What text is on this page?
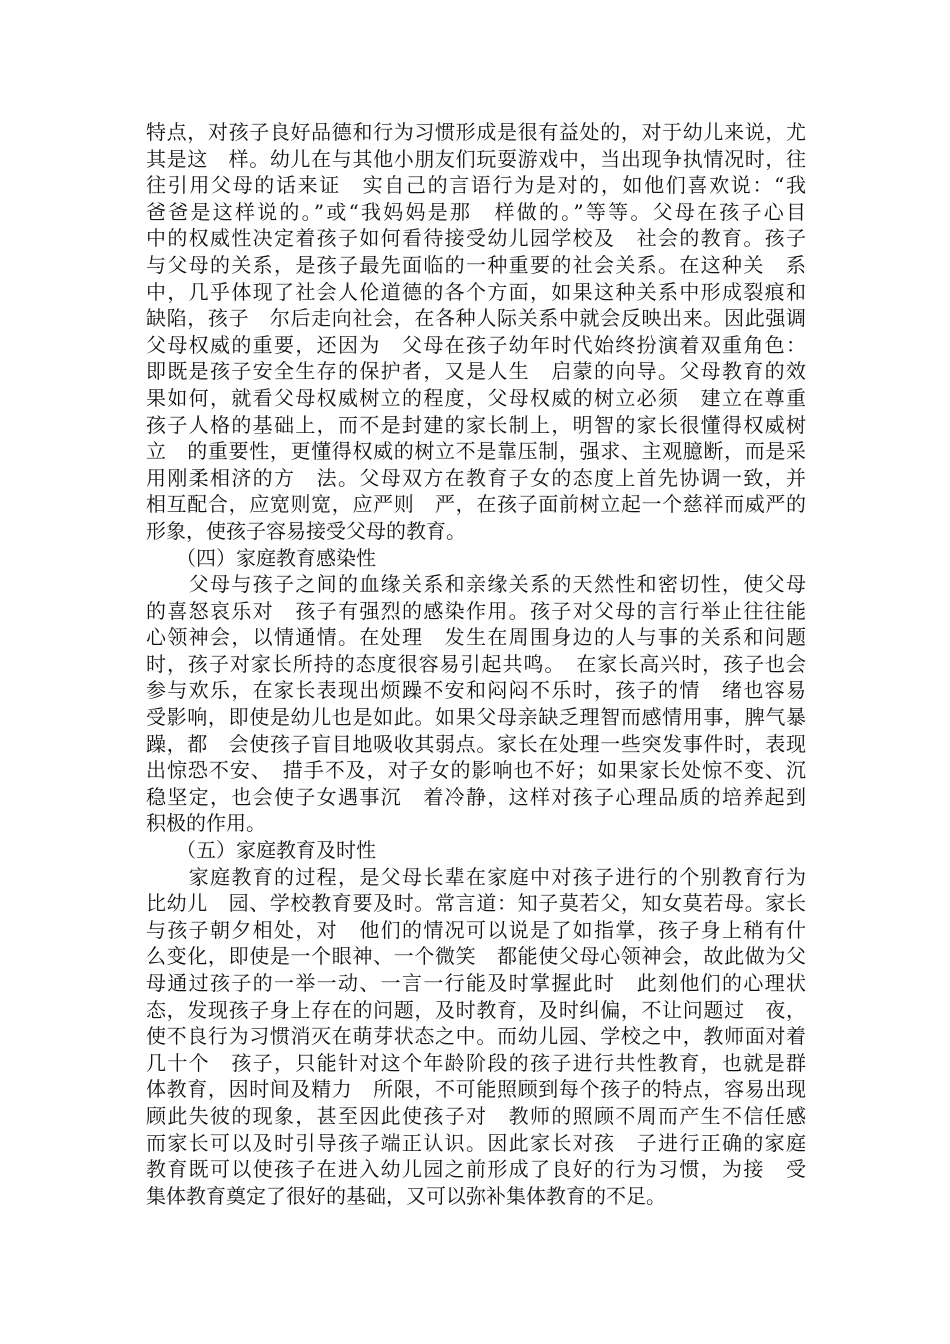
特点，对孩子良好品德和行为习惯形成是很有益处的，对于幼儿来说，尤
其是这　样。幼儿在与其他小朋友们玩耍游戏中，当出现争执情况时，往
往引用父母的话来证　实自己的言语行为是对的，如他们喜欢说：“我
爸爸是这样说的。”或“我妈妈是那　样做的。”等等。父母在孩子心目
中的权威性决定着孩子如何看待接受幼儿园学校及　社会的教育。孩子
与父母的关系，是孩子最先面临的一种重要的社会关系。在这种关　系
中，几乎体现了社会人伦道德的各个方面，如果这种关系中形成裂痕和
缺陷，孩子　尔后走向社会，在各种人际关系中就会反映出来。因此强调
父母权威的重要，还因为　父母在孩子幼年时代始终扮演着双重角色：
即既是孩子安全生存的保护者，又是人生　启蒙的向导。父母教育的效
果如何，就看父母权威树立的程度，父母权威的树立必须　建立在尊重
孩子人格的基础上，而不是封建的家长制上，明智的家长很懂得权威树
立　的重要性，更懂得权威的树立不是靠压制，强求、主观臆断，而是采
用刚柔相济的方　法。父母双方在教育子女的态度上首先协调一致，并
相互配合，应宽则宽，应严则　严，在孩子面前树立起一个慈祥而威严的
形象，使孩子容易接受父母的教育。
　　（四）家庭教育感染性
　　父母与孩子之间的血缘关系和亲缘关系的天然性和密切性，使父母
的喜怒哀乐对　孩子有强烈的感染作用。孩子对父母的言行举止往往能
心领神会，以情通情。在处理　发生在周围身边的人与事的关系和问题
时，孩子对家长所持的态度很容易引起共鸣。　在家长高兴时，孩子也会
参与欢乐，在家长表现出烦躁不安和闷闷不乐时，孩子的情　绪也容易
受影响，即使是幼儿也是如此。如果父母亲缺乏理智而感情用事，脾气暴
躁，都　会使孩子盲目地吸收其弱点。家长在处理一些突发事件时，表现
出惊恐不安、　措手不及，对子女的影响也不好；如果家长处惊不变、沉
稳坚定，也会使子女遇事沉　着冷静，这样对孩子心理品质的培养起到
积极的作用。
　　（五）家庭教育及时性
　　家庭教育的过程，是父母长辈在家庭中对孩子进行的个别教育行为
比幼儿　园、学校教育要及时。常言道：知子莫若父，知女莫若母。家长
与孩子朝夕相处，对　他们的情况可以说是了如指掌，孩子身上稍有什
么变化，即使是一个眼神、一个微笑　都能使父母心领神会，故此做为父
母通过孩子的一举一动、一言一行能及时掌握此时　此刻他们的心理状
态，发现孩子身上存在的问题，及时教育，及时纠偏，不让问题过　夜，
使不良行为习惯消灭在萌芽状态之中。而幼儿园、学校之中，教师面对着
几十个　孩子，只能针对这个年龄阶段的孩子进行共性教育，也就是群
体教育，因时间及精力　所限，不可能照顾到每个孩子的特点，容易出现
顾此失彼的现象，甚至因此使孩子对　教师的照顾不周而产生不信任感
而家长可以及时引导孩子端正认识。因此家长对孩　子进行正确的家庭
教育既可以使孩子在进入幼儿园之前形成了良好的行为习惯，为接　受
集体教育奠定了很好的基础，又可以弥补集体教育的不足。
